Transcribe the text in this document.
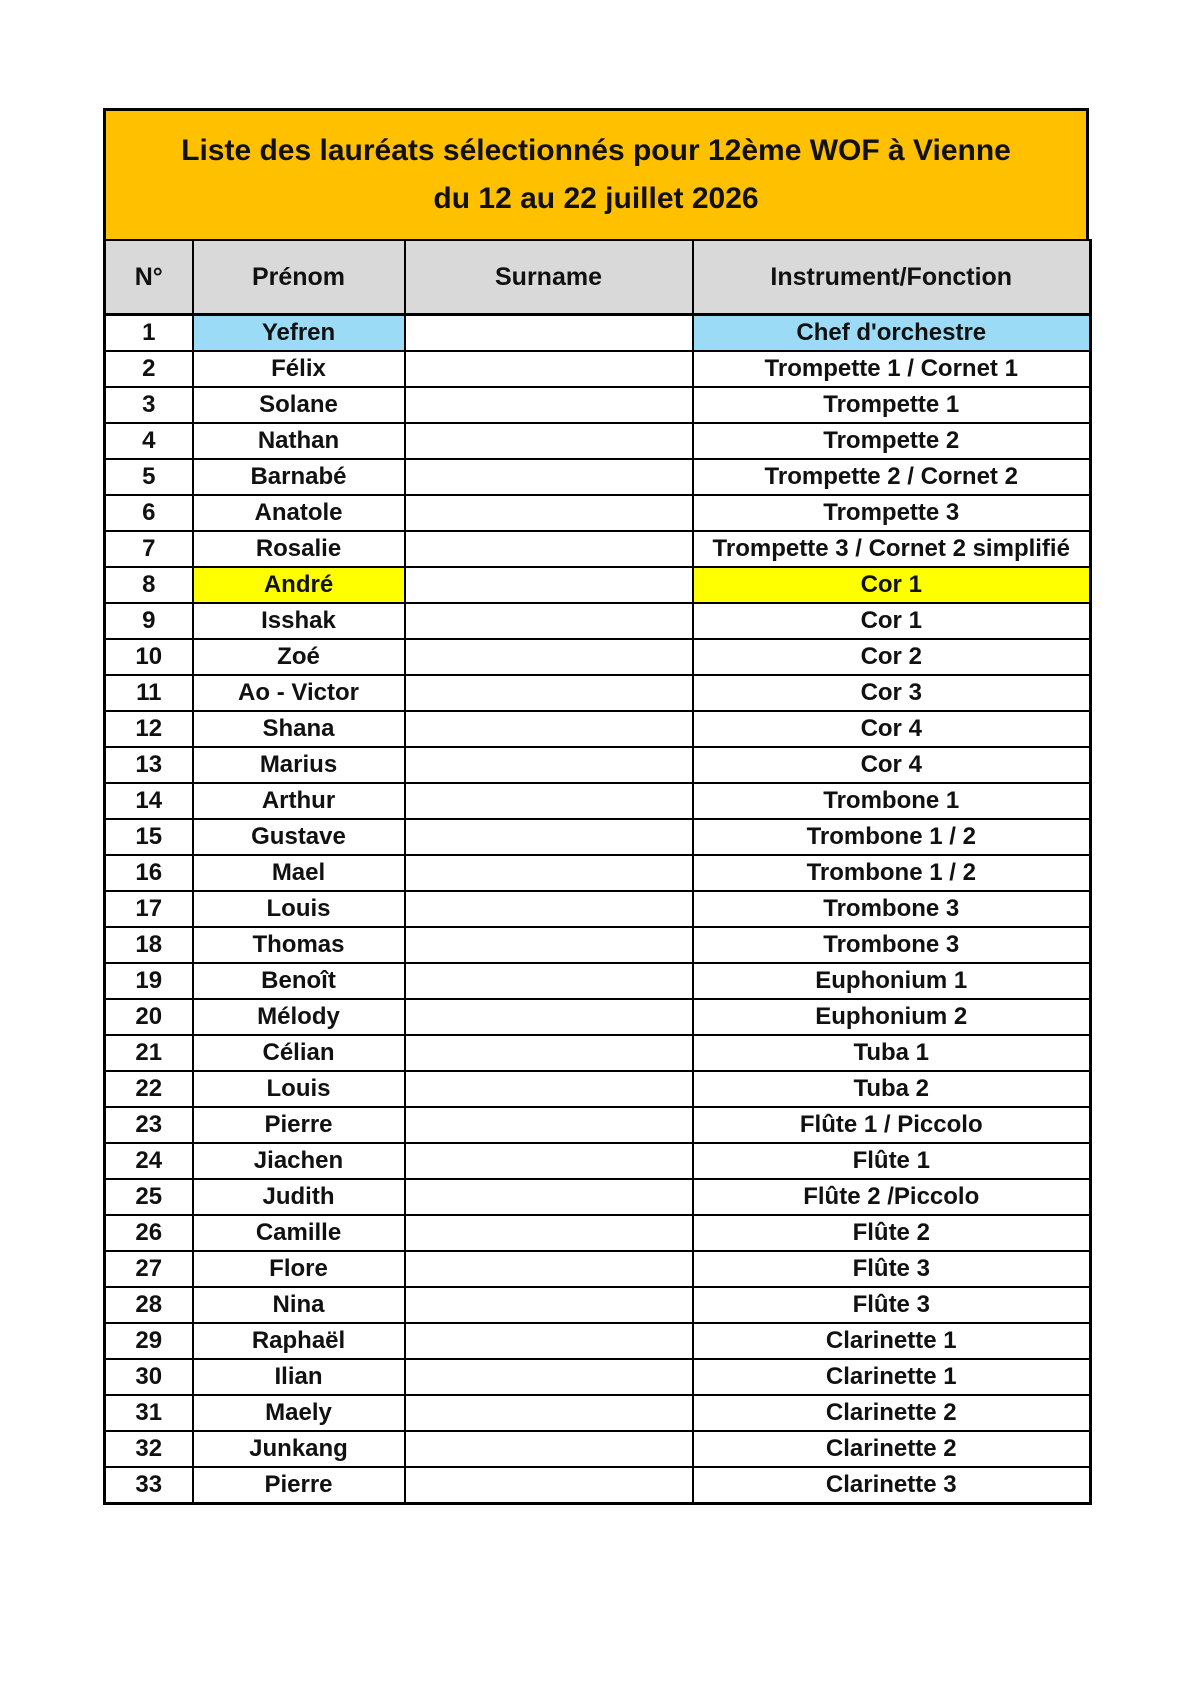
Liste des lauréats sélectionnés pour 12ème WOF à Vienne
du 12 au 22 juillet 2026
N°	Prénom	Surname	Instrument/Fonction
1	Yefren		Chef d'orchestre
2	Félix		Trompette 1 / Cornet 1
3	Solane		Trompette 1
4	Nathan		Trompette 2
5	Barnabé		Trompette 2 / Cornet 2
6	Anatole		Trompette 3
7	Rosalie		Trompette 3 / Cornet 2 simplifié
8	André		Cor 1
9	Isshak		Cor 1
10	Zoé		Cor 2
11	Ao - Victor		Cor 3
12	Shana		Cor 4
13	Marius		Cor 4
14	Arthur		Trombone 1
15	Gustave		Trombone 1 / 2
16	Mael		Trombone 1 / 2
17	Louis		Trombone 3
18	Thomas		Trombone 3
19	Benoît		Euphonium 1
20	Mélody		Euphonium 2
21	Célian		Tuba 1
22	Louis		Tuba 2
23	Pierre		Flûte 1 / Piccolo
24	Jiachen		Flûte 1
25	Judith		Flûte 2 /Piccolo
26	Camille		Flûte 2
27	Flore		Flûte 3
28	Nina		Flûte 3
29	Raphaël		Clarinette 1
30	Ilian		Clarinette 1
31	Maely		Clarinette 2
32	Junkang		Clarinette 2
33	Pierre		Clarinette 3
